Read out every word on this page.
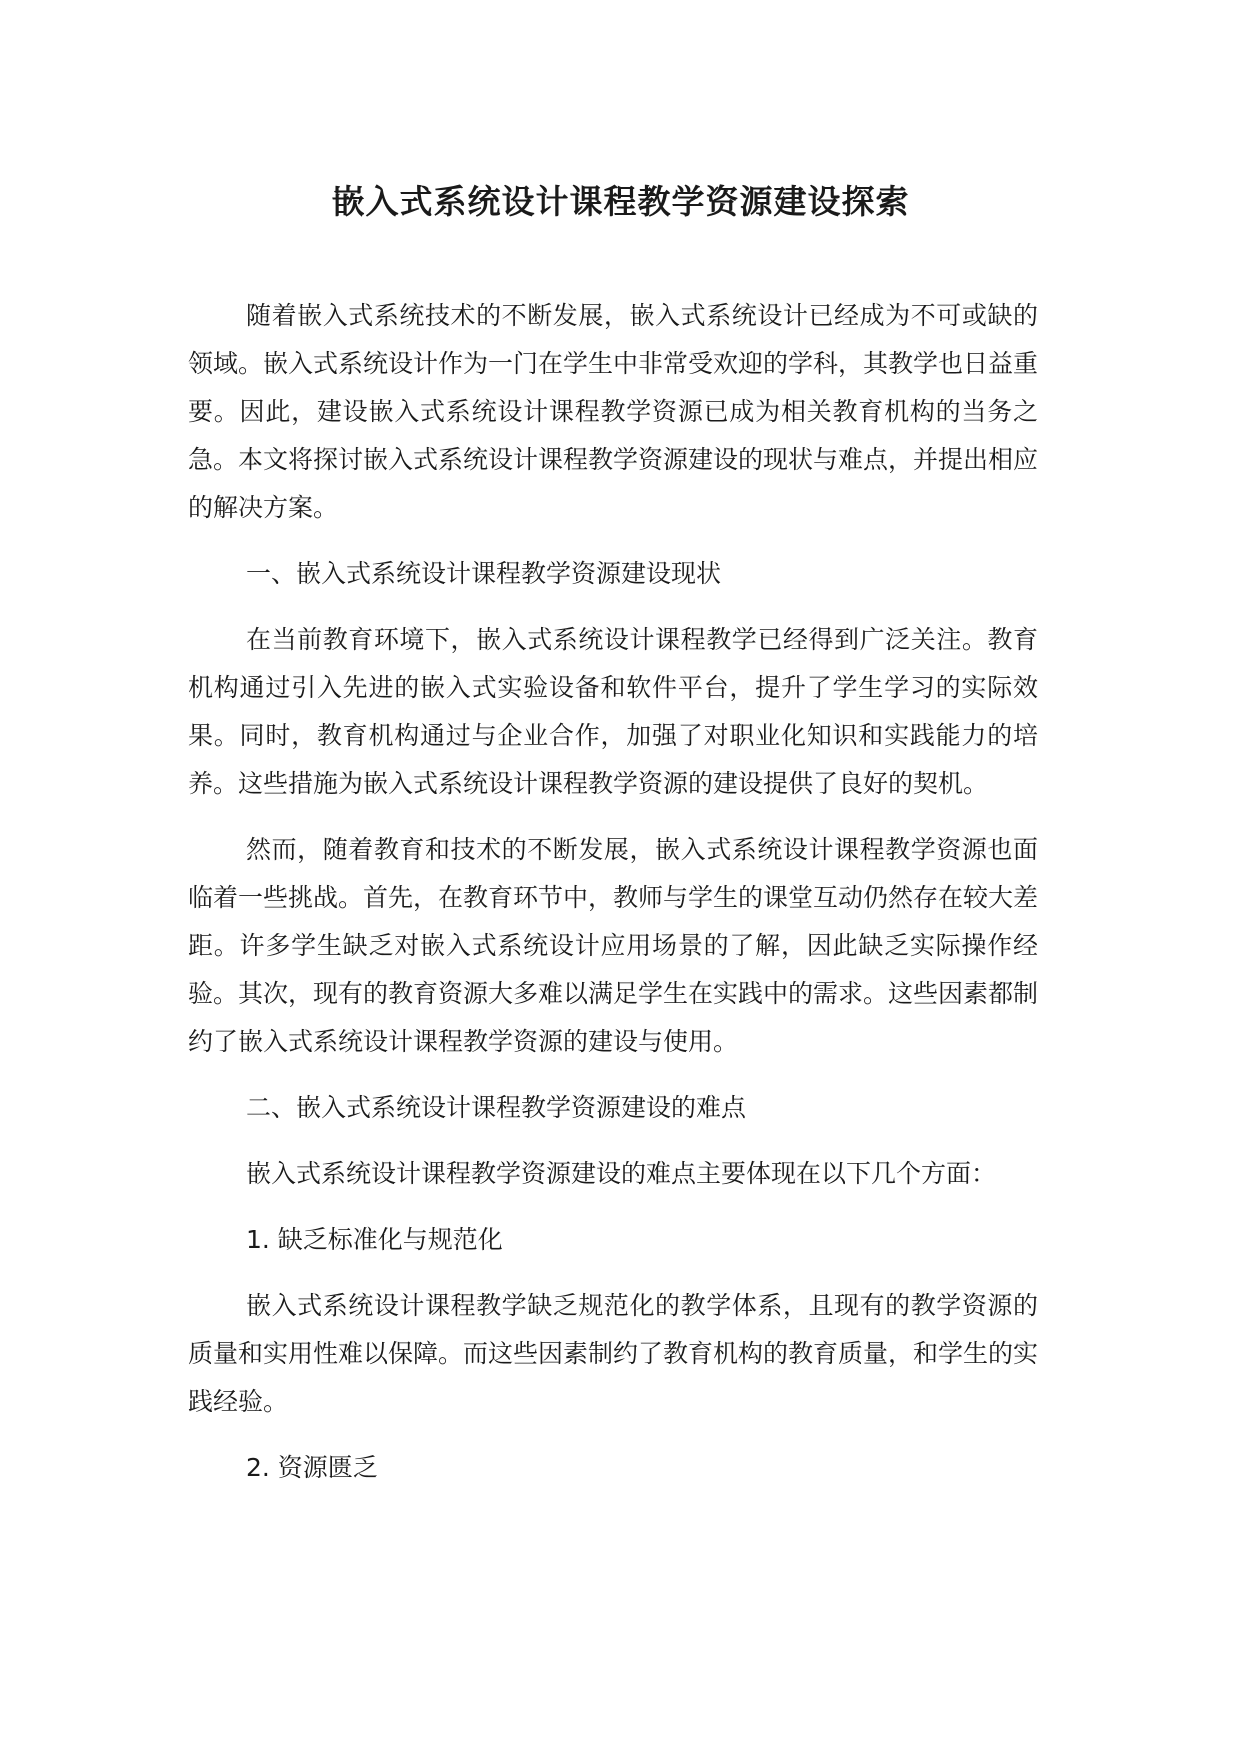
嵌入式系统设计课程教学资源建设探索

随着嵌入式系统技术的不断发展，嵌入式系统设计已经成为不可或缺的领域。嵌入式系统设计作为一门在学生中非常受欢迎的学科，其教学也日益重要。因此，建设嵌入式系统设计课程教学资源已成为相关教育机构的当务之急。本文将探讨嵌入式系统设计课程教学资源建设的现状与难点，并提出相应的解决方案。

一、嵌入式系统设计课程教学资源建设现状

在当前教育环境下，嵌入式系统设计课程教学已经得到广泛关注。教育机构通过引入先进的嵌入式实验设备和软件平台，提升了学生学习的实际效果。同时，教育机构通过与企业合作，加强了对职业化知识和实践能力的培养。这些措施为嵌入式系统设计课程教学资源的建设提供了良好的契机。

然而，随着教育和技术的不断发展，嵌入式系统设计课程教学资源也面临着一些挑战。首先，在教育环节中，教师与学生的课堂互动仍然存在较大差距。许多学生缺乏对嵌入式系统设计应用场景的了解，因此缺乏实际操作经验。其次，现有的教育资源大多难以满足学生在实践中的需求。这些因素都制约了嵌入式系统设计课程教学资源的建设与使用。

二、嵌入式系统设计课程教学资源建设的难点

嵌入式系统设计课程教学资源建设的难点主要体现在以下几个方面：

1. 缺乏标准化与规范化

嵌入式系统设计课程教学缺乏规范化的教学体系，且现有的教学资源的质量和实用性难以保障。而这些因素制约了教育机构的教育质量，和学生的实践经验。

2. 资源匮乏
